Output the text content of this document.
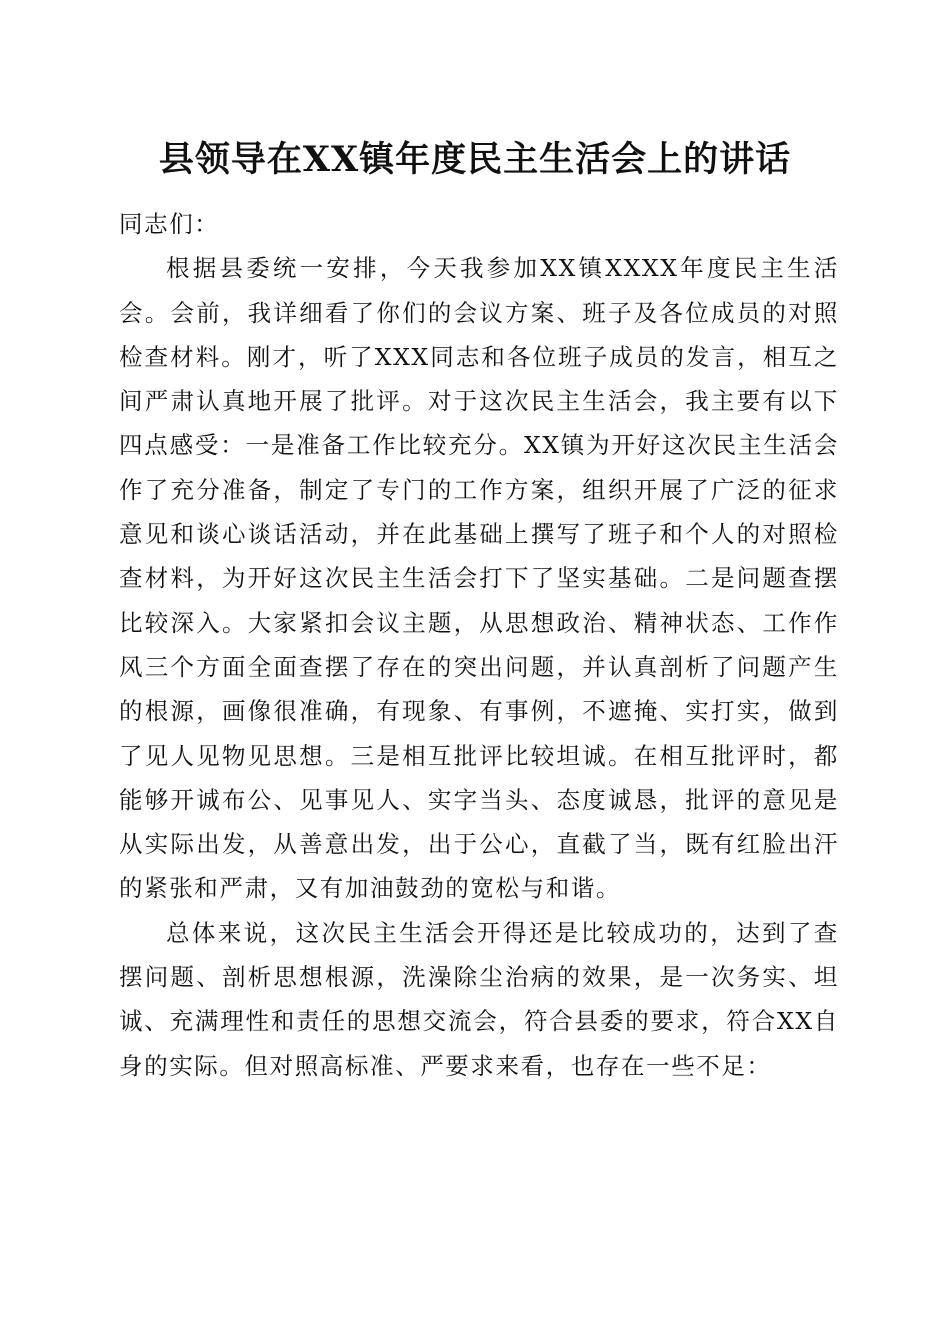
县领导在XX镇年度民主生活会上的讲话

同志们：

根据县委统一安排，今天我参加XX镇XXXX年度民主生活会。会前，我详细看了你们的会议方案、班子及各位成员的对照检查材料。刚才，听了XXX同志和各位班子成员的发言，相互之间严肃认真地开展了批评。对于这次民主生活会，我主要有以下四点感受：一是准备工作比较充分。XX镇为开好这次民主生活会作了充分准备，制定了专门的工作方案，组织开展了广泛的征求意见和谈心谈话活动，并在此基础上撰写了班子和个人的对照检查材料，为开好这次民主生活会打下了坚实基础。二是问题查摆比较深入。大家紧扣会议主题，从思想政治、精神状态、工作作风三个方面全面查摆了存在的突出问题，并认真剖析了问题产生的根源，画像很准确，有现象、有事例，不遮掩、实打实，做到了见人见物见思想。三是相互批评比较坦诚。在相互批评时，都能够开诚布公、见事见人、实字当头、态度诚恳，批评的意见是从实际出发，从善意出发，出于公心，直截了当，既有红脸出汗的紧张和严肃，又有加油鼓劲的宽松与和谐。

总体来说，这次民主生活会开得还是比较成功的，达到了查摆问题、剖析思想根源，洗澡除尘治病的效果，是一次务实、坦诚、充满理性和责任的思想交流会，符合县委的要求，符合XX自身的实际。但对照高标准、严要求来看，也存在一些不足：
